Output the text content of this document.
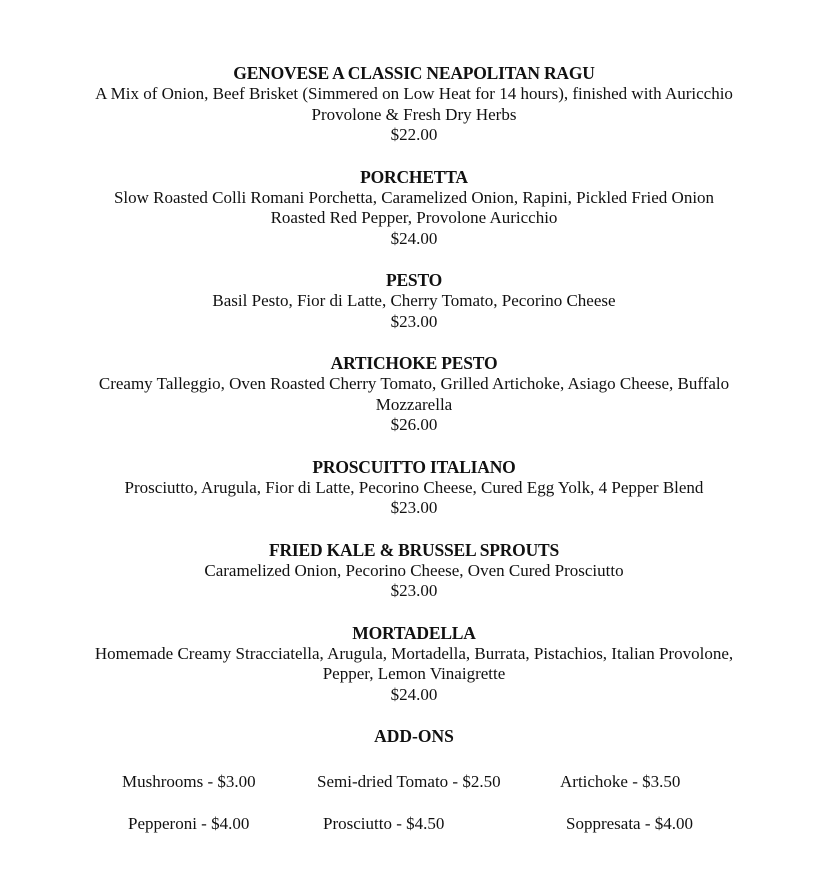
GENOVESE A CLASSIC NEAPOLITAN RAGU
A Mix of Onion, Beef Brisket (Simmered on Low Heat for 14 hours), finished with Auricchio
Provolone & Fresh Dry Herbs
$22.00
PORCHETTA
Slow Roasted Colli Romani Porchetta, Caramelized Onion, Rapini, Pickled Fried Onion
Roasted Red Pepper, Provolone Auricchio
$24.00
PESTO
Basil Pesto, Fior di Latte, Cherry Tomato, Pecorino Cheese
$23.00
ARTICHOKE PESTO
Creamy Talleggio, Oven Roasted Cherry Tomato, Grilled Artichoke, Asiago Cheese, Buffalo
Mozzarella
$26.00
PROSCUITTO ITALIANO
Prosciutto, Arugula, Fior di Latte, Pecorino Cheese, Cured Egg Yolk, 4 Pepper Blend
$23.00
FRIED KALE & BRUSSEL SPROUTS
Caramelized Onion, Pecorino Cheese, Oven Cured Prosciutto
$23.00
MORTADELLA
Homemade Creamy Stracciatella, Arugula, Mortadella, Burrata, Pistachios, Italian Provolone,
Pepper, Lemon Vinaigrette
$24.00
ADD-ONS
Mushrooms - $3.00	Semi-dried Tomato - $2.50	Artichoke - $3.50
Pepperoni - $4.00	Prosciutto - $4.50	Soppresata - $4.00
